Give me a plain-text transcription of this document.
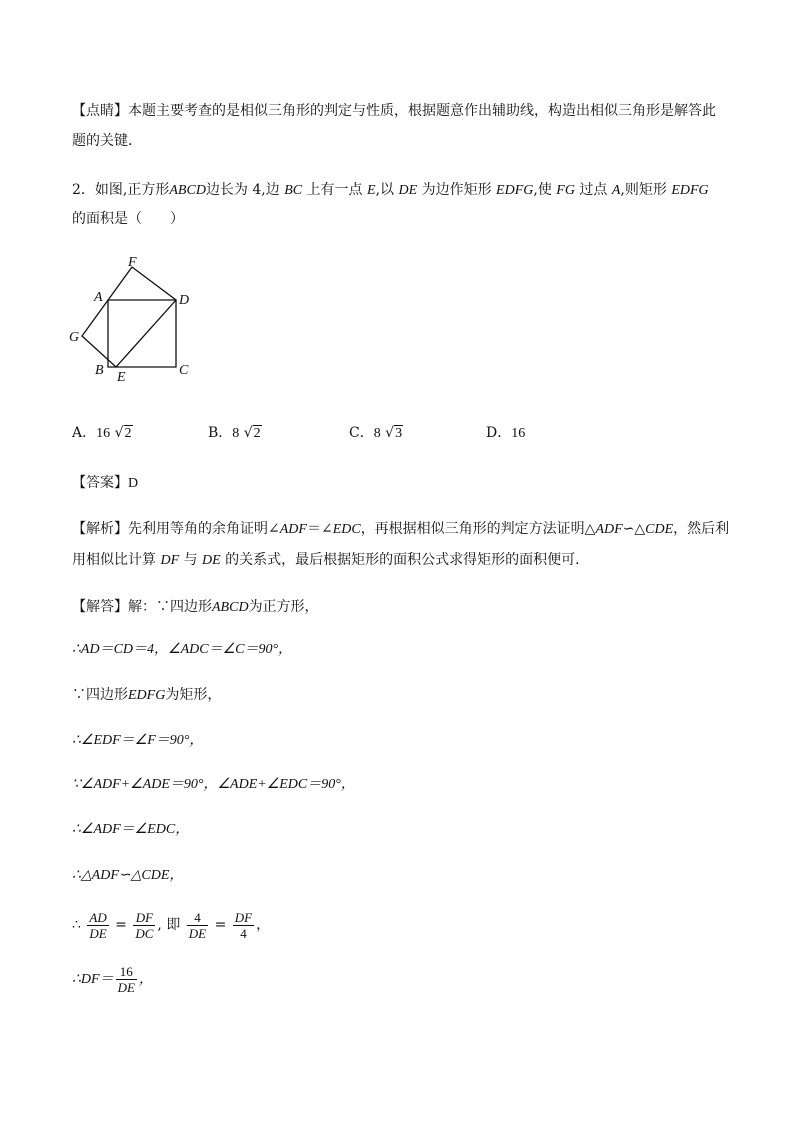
【点睛】本题主要考查的是相似三角形的判定与性质，根据题意作出辅助线，构造出相似三角形是解答此
题的关键．
2．如图,正方形ABCD边长为 4,边 BC 上有一点 E,以 DE 为边作矩形 EDFG,使 FG 过点 A,则矩形 EDFG
的面积是（　　）
F
A	D
G
B E	C
A．16 √2	B．8 √2	C．8 √3	D．16
【答案】D
【解析】先利用等角的余角证明∠ADF＝∠EDC，再根据相似三角形的判定方法证明△ADF∽△CDE，然后利
用相似比计算 DF 与 DE 的关系式，最后根据矩形的面积公式求得矩形的面积便可．
【解答】解：∵四边形ABCD为正方形，
∴AD＝CD＝4，∠ADC＝∠C＝90°，
∵四边形EDFG为矩形，
∴∠EDF＝∠F＝90°，
∵∠ADF+∠ADE＝90°，∠ADE+∠EDC＝90°，
∴∠ADF＝∠EDC，
∴△ADF∽△CDE，
∴ $\frac{AD}{DE} = \frac{DF}{DC}$ , 即 $\frac{4}{DE} = \frac{DF}{4}$ ，
∴DF＝ $\frac{16}{DE}$ ，
